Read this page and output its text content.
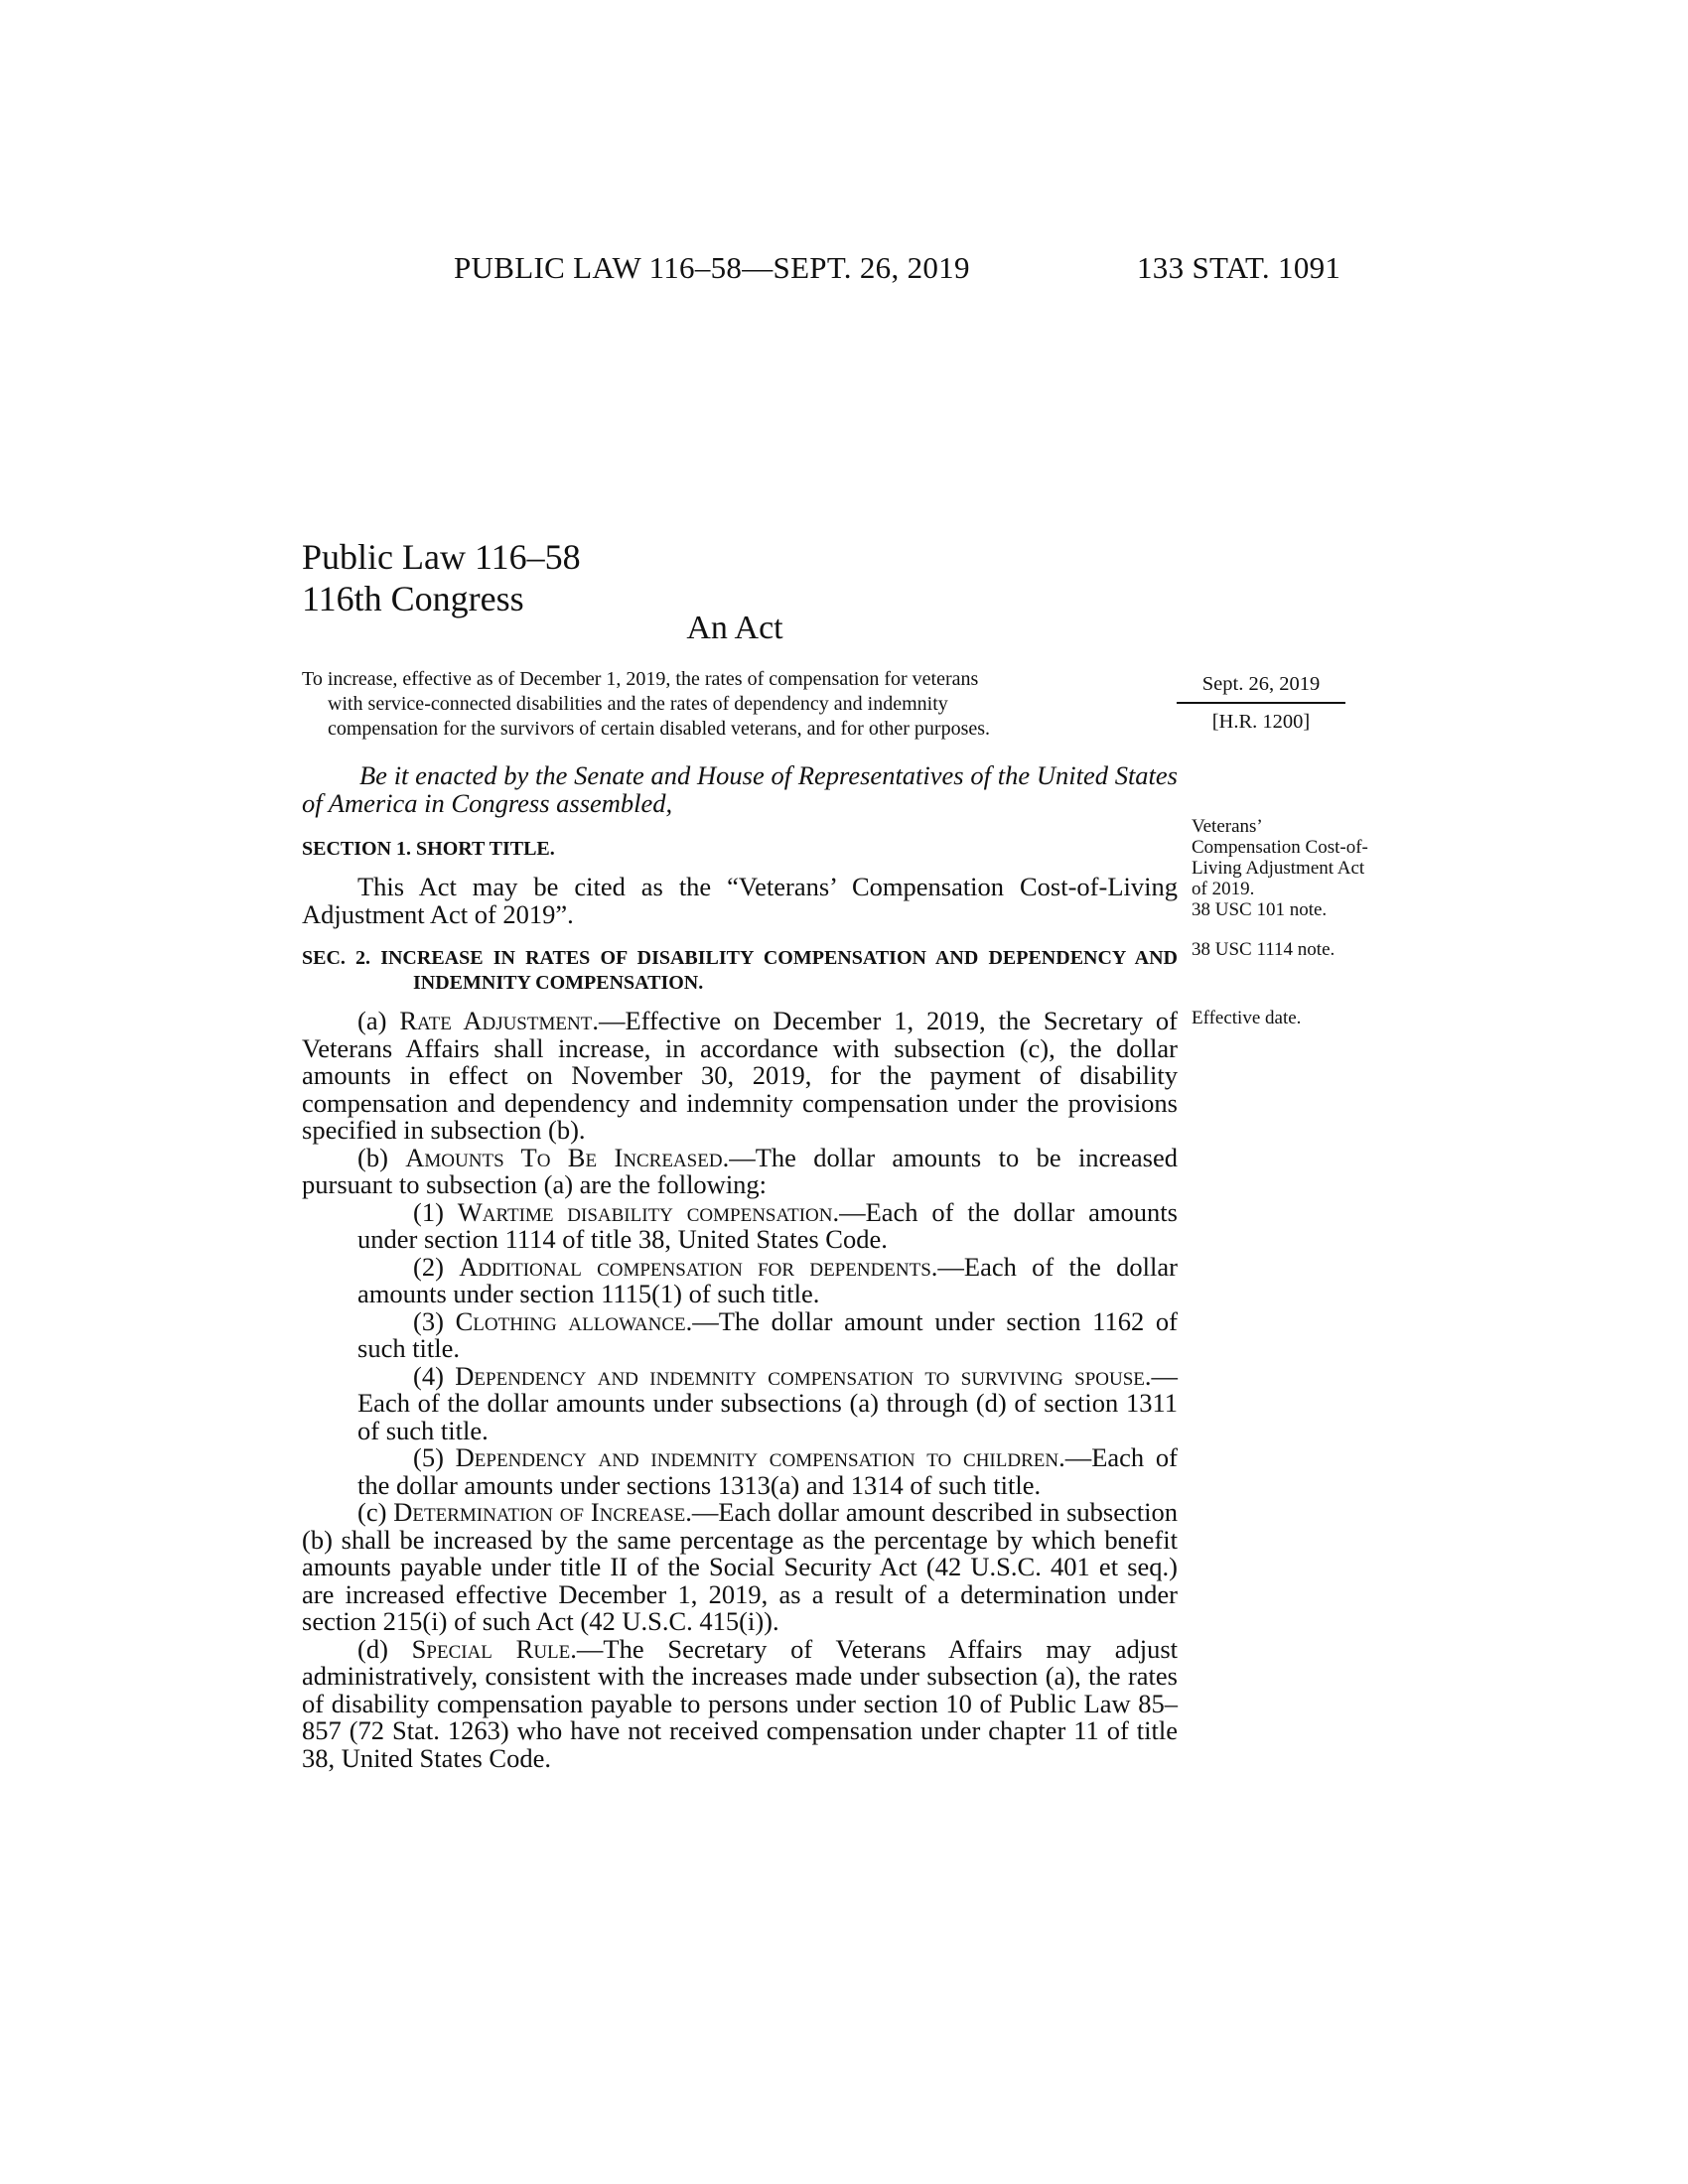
PUBLIC LAW 116–58—SEPT. 26, 2019	133 STAT. 1091
Public Law 116–58
116th Congress
An Act
To increase, effective as of December 1, 2019, the rates of compensation for veterans
with service-connected disabilities and the rates of dependency and indemnity
compensation for the survivors of certain disabled veterans, and for other purposes.
Sept. 26, 2019
[H.R. 1200]
Veterans’ Compensation Cost-of-Living Adjustment Act of 2019.
38 USC 101 note.
38 USC 1114 note.
Effective date.

Be it enacted by the Senate and House of Representatives of the United States of America in Congress assembled,

SECTION 1. SHORT TITLE.

This Act may be cited as the “Veterans’ Compensation Cost-of-Living Adjustment Act of 2019”.

SEC. 2. INCREASE IN RATES OF DISABILITY COMPENSATION AND DEPENDENCY AND INDEMNITY COMPENSATION.

(a) Rate Adjustment.—Effective on December 1, 2019, the Secretary of Veterans Affairs shall increase, in accordance with subsection (c), the dollar amounts in effect on November 30, 2019, for the payment of disability compensation and dependency and indemnity compensation under the provisions specified in subsection (b).

(b) Amounts To Be Increased.—The dollar amounts to be increased pursuant to subsection (a) are the following:

(1) Wartime disability compensation.—Each of the dollar amounts under section 1114 of title 38, United States Code.

(2) Additional compensation for dependents.—Each of the dollar amounts under section 1115(1) of such title.

(3) Clothing allowance.—The dollar amount under section 1162 of such title.

(4) Dependency and indemnity compensation to surviving spouse.—Each of the dollar amounts under subsections (a) through (d) of section 1311 of such title.

(5) Dependency and indemnity compensation to children.—Each of the dollar amounts under sections 1313(a) and 1314 of such title.

(c) Determination of Increase.—Each dollar amount described in subsection (b) shall be increased by the same percentage as the percentage by which benefit amounts payable under title II of the Social Security Act (42 U.S.C. 401 et seq.) are increased effective December 1, 2019, as a result of a determination under section 215(i) of such Act (42 U.S.C. 415(i)).

(d) Special Rule.—The Secretary of Veterans Affairs may adjust administratively, consistent with the increases made under subsection (a), the rates of disability compensation payable to persons under section 10 of Public Law 85–857 (72 Stat. 1263) who have not received compensation under chapter 11 of title 38, United States Code.
